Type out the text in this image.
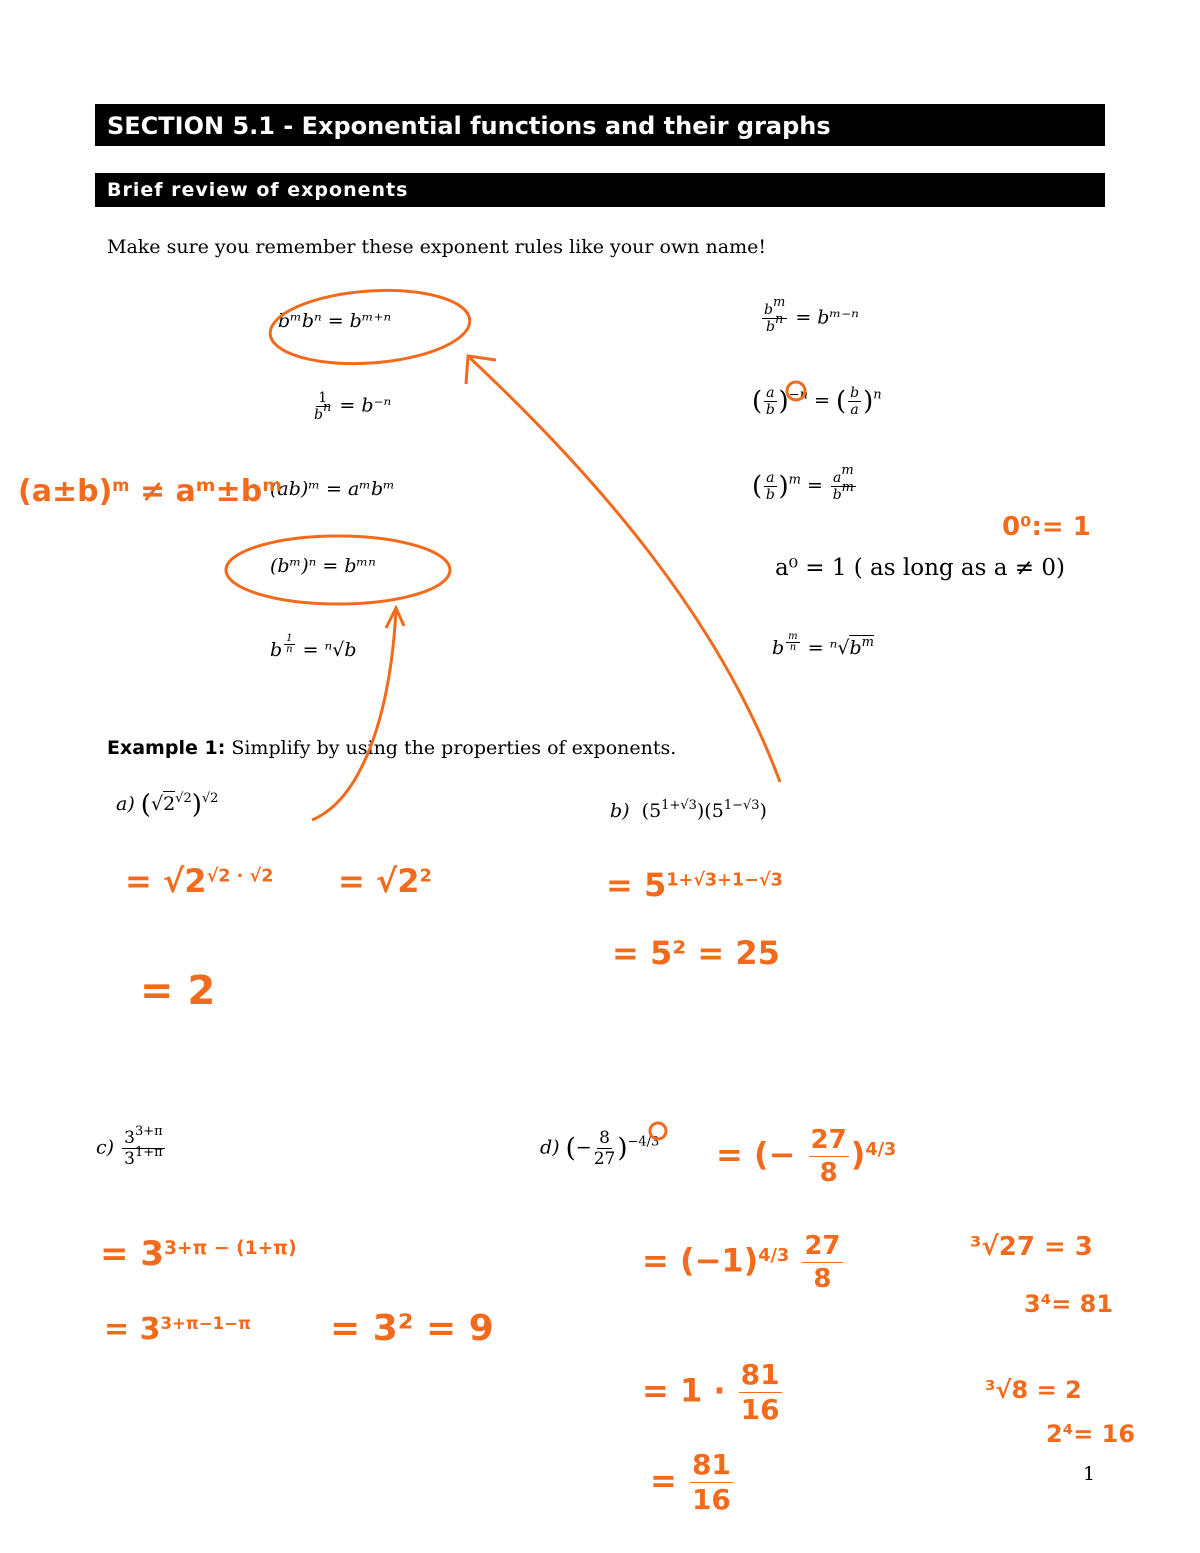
SECTION 5.1 - Exponential functions and their graphs
Brief review of exponents
Make sure you remember these exponent rules like your own name!
bᵐbⁿ = bᵐ⁺ⁿ
$\frac{1}{b^n} = b^{-n}$
(ab)ᵐ = aᵐbᵐ
(bᵐ)ⁿ = bᵐⁿ
b $^{\frac{1}{n}}$ = ⁿ√b
$\frac{b^m}{b^n}$ = bᵐ⁻ⁿ
( $\frac{a}{b} )^{-n}$ = ( $\frac{b}{a} )^n$
( $\frac{a}{b} )^m = \frac{a^m}{b^m}$
a⁰ = 1 ( as long as a ≠ 0)
b $^{\frac{m}{n}} = ^n√b^m$
Example 1: Simplify by using the properties of exponents.
a) $(√2^{√2})^{√2}$
b)  $(5^{1+√3})(5^{1-√3})$
$c) \frac{3^{3+\pi}}{3^{1+\pi}}$	d) (− $\frac{8}{27} )^{-4/3}$
$(a\pm b)^m$ ≠ aᵐ±bᵐ
0⁰:= 1
= $√2^{√2 \cdot √2} = √2^2$
= 2
= $5^{1+√3+1-√3}$
= 5² = 25
= $3^{3+\pi - (1+\pi)}$
= $3^{3+\pi-1-\pi} = 3^2 = 9$
= (− $\frac{27}{8} )^{4/3}$
= $(-1)^{4/3} \frac{27}{8}$
= $1 \cdot \frac{81}{16}$
= $\frac{81}{16}$
³√27 = 3
3⁴= 81
³√8 = 2
2⁴= 16
1
